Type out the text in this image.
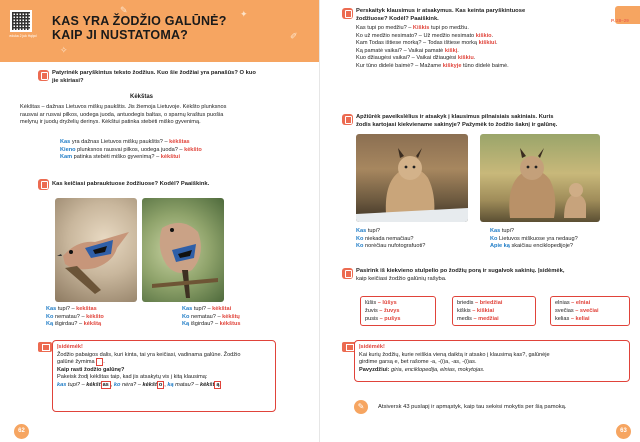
✎	✦
✐
✧
eduka 2 juk Hqlpd
KAS YRA ŽODŽIO GALŪNĖ?
KAIP JI NUSTATOMA?
Patyrinėk paryškintus teksto žodžius. Kuo šie žodžiai yra panašūs? O kuo
jie skiriasi?
Kėkštas
Kėkštas – dažnas Lietuvos miškų paukštis. Jis žiemoja Lietuvoje. Kėkšto plunksnos
rausvai ar rusvai pilkos, uodega juoda, antuodegis baltas, o sparnų kraštus puošia
melynų ir juodų dryželių derinys. Kėkštui patinka stebėti miško gyvenimą.
Kas yra dažnas Lietuvos miškų paukštis? – kėkštas
Kieno plunksnos rausvai pilkos, uodega juoda? – kėkšto
Kam patinka stebėti miško gyvenimą? – kėkštui
Kas keičiasi pabrauktuose žodžiuose? Kodėl? Paaiškink.
Kas tupi? – kekštas
Ko nematau? – kėkšto
Ką išgirdau? – kėkštą
Kas tupi? – kėkštai
Ko nematau? – kėkštų
Ką išgirdau? – kėkštus
Įsidėmėk!
Žodžio pabaigos dalis, kuri kinta, tai yra keičiasi, vadinama galūne. Žodžio
galūnė žymima .
Kaip rasti žodžio galūnę?
Pakeisk žodį kėkštas taip, kad jis atsakytų vis į kitą klausimą:
kas tupi? – kėkšt as , ko nėra? – kėkšt o , ką matau? – kėkšt ą
62
P. 28–29
Perskaityk klausimus ir atsakymus. Kas keinta paryškintuose
žodžiuose? Kodėl? Paaiškink.
Kas tupi po medžiu? – Kiškis tupi po medžiu.
Ko už medžio nesimato? – Už medžio nesimato kiškio.
Kam Todas ištiese morką? – Todas ištiese morką kiškiui.
Ką pamatė vaikai? – Vaikai pamatė kiškį.
Kuo džiaugėsi vaikai? – Vaikai džiaugėsi kiškiu.
Kur tūno didelė baimė? – Mažame kiškyje tūno didelė baimė.
Apžiūrėk paveikslėlius ir atsakyk į klausimus pilnaisiais sakiniais. Kuris
žodis kartojasi kiekviename sakinyje? Pažymėk to žodžio šaknį ir galūnę.
Kas tupi?
Ko niekada nemačiau?
Ko norėčiau nufotografuoti?
Kas tupi?
Ko Lietuvos miškuose yra nedaug?
Apie ką skaičiau enciklopedijoje?
Pasirink iš kiekvieno stulpelio po žodžių porą ir sugalvok sakinių. Įsidėmėk,
kaip keičiasi žodžio galūnių rašyba.
lūšis – lūšys
žuvis – žuvys
pusis – pušys
briedis – briedžiai
kiškis – kiškiai
medis – medžiai
elnias – elniai
svečias – svečiai
kelias – keliai
Įsidėmėk!
Kai kurių žodžių, kurie reiškia vieną daiktą ir atsako į klausimą kas?, galūnėje
girdime garsą e, bet rašome -a, -(i)a, -as, -(i)as.
Pavyzdžiui: giria, enciklopedija, elnias, mokytojas.
✎	Atsiversk 43 puslapį ir apmąstyk, kaip tau sekėsi mokytis per šią pamoką.
63
